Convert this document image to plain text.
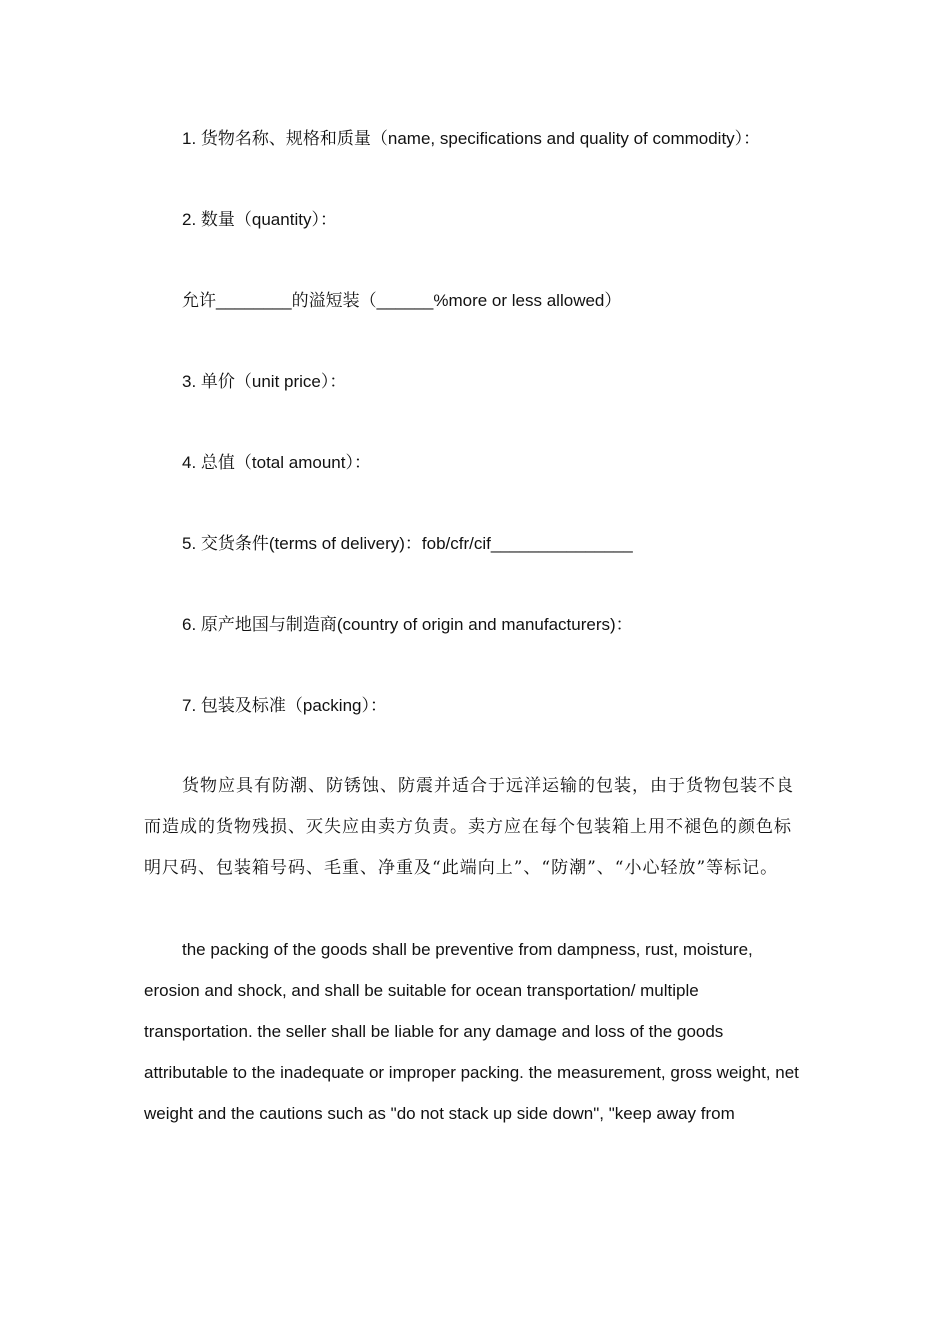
1. 货物名称、规格和质量（name, specifications and quality of commodity）：

2. 数量（quantity）：

允许________的溢短装（______%more or less allowed）

3. 单价（unit price）：

4. 总值（total amount）：

5. 交货条件(terms of delivery)：fob/cfr/cif_______________

6. 原产地国与制造商(country of origin and manufacturers)：

7. 包装及标准（packing）：

货物应具有防潮、防锈蚀、防震并适合于远洋运输的包装，由于货物包装不良而造成的货物残损、灭失应由卖方负责。卖方应在每个包装箱上用不褪色的颜色标明尺码、包装箱号码、毛重、净重及“此端向上”、“防潮”、“小心轻放”等标记。

the packing of the goods shall be preventive from dampness, rust, moisture, erosion and shock, and shall be suitable for ocean transportation/ multiple transportation. the seller shall be liable for any damage and loss of the goods attributable to the inadequate or improper packing. the measurement, gross weight, net weight and the cautions such as "do not stack up side down", "keep away from
